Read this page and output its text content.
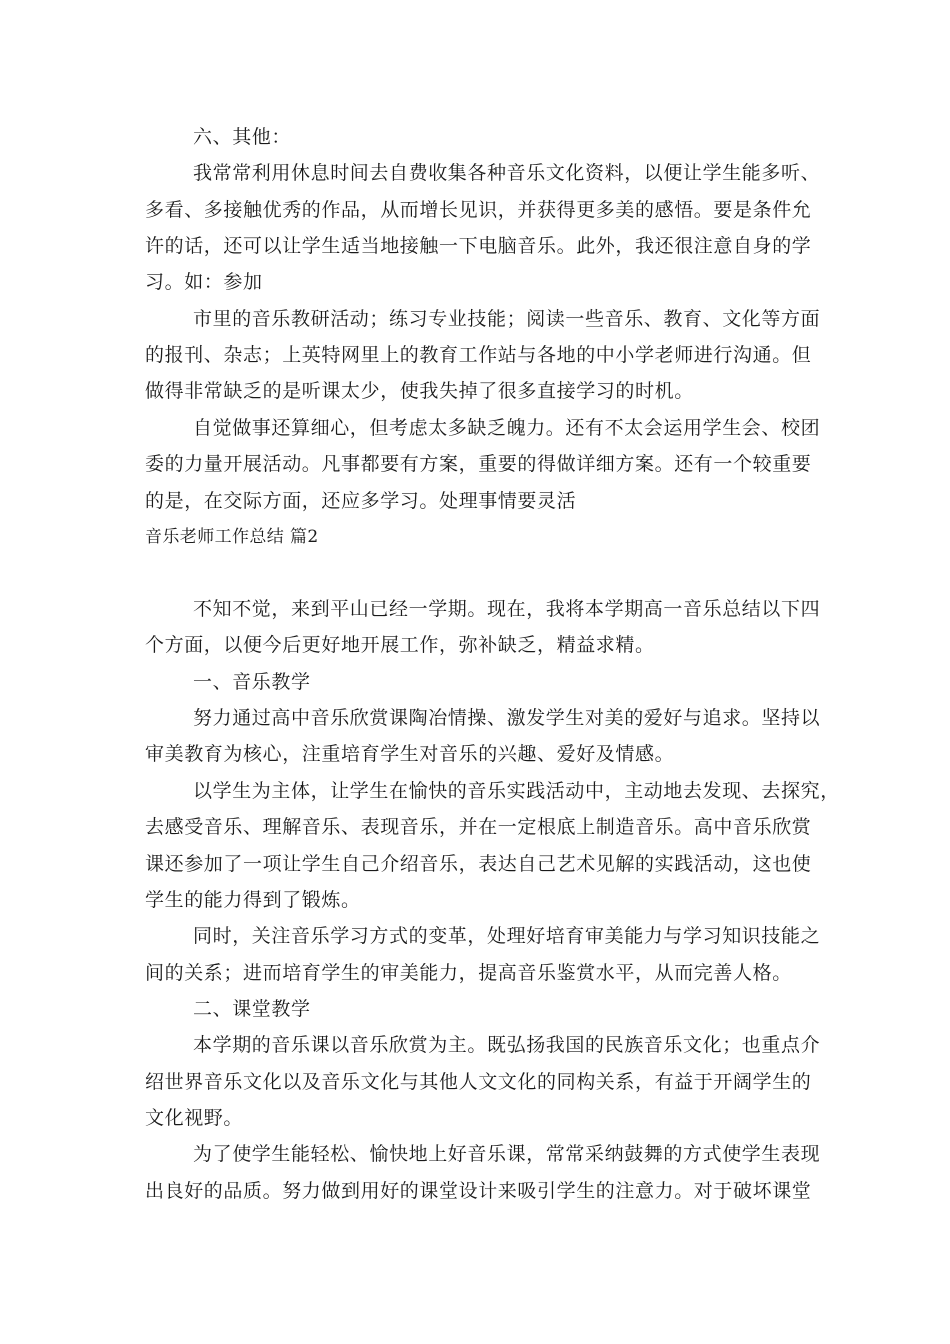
六、其他：
我常常利用休息时间去自费收集各种音乐文化资料，以便让学生能多听、
多看、多接触优秀的作品，从而增长见识，并获得更多美的感悟。要是条件允
许的话，还可以让学生适当地接触一下电脑音乐。此外，我还很注意自身的学
习。如：参加
市里的音乐教研活动；练习专业技能；阅读一些音乐、教育、文化等方面
的报刊、杂志；上英特网里上的教育工作站与各地的中小学老师进行沟通。但
做得非常缺乏的是听课太少，使我失掉了很多直接学习的时机。
自觉做事还算细心，但考虑太多缺乏魄力。还有不太会运用学生会、校团
委的力量开展活动。凡事都要有方案，重要的得做详细方案。还有一个较重要
的是，在交际方面，还应多学习。处理事情要灵活
音乐老师工作总结 篇2
不知不觉，来到平山已经一学期。现在，我将本学期高一音乐总结以下四
个方面，以便今后更好地开展工作，弥补缺乏，精益求精。
一、音乐教学
努力通过高中音乐欣赏课陶冶情操、激发学生对美的爱好与追求。坚持以
审美教育为核心，注重培育学生对音乐的兴趣、爱好及情感。
以学生为主体，让学生在愉快的音乐实践活动中，主动地去发现、去探究，
去感受音乐、理解音乐、表现音乐，并在一定根底上制造音乐。高中音乐欣赏
课还参加了一项让学生自己介绍音乐，表达自己艺术见解的实践活动，这也使
学生的能力得到了锻炼。
同时，关注音乐学习方式的变革，处理好培育审美能力与学习知识技能之
间的关系；进而培育学生的审美能力，提高音乐鉴赏水平，从而完善人格。
二、课堂教学
本学期的音乐课以音乐欣赏为主。既弘扬我国的民族音乐文化；也重点介
绍世界音乐文化以及音乐文化与其他人文文化的同构关系，有益于开阔学生的
文化视野。
为了使学生能轻松、愉快地上好音乐课，常常采纳鼓舞的方式使学生表现
出良好的品质。努力做到用好的课堂设计来吸引学生的注意力。对于破坏课堂
